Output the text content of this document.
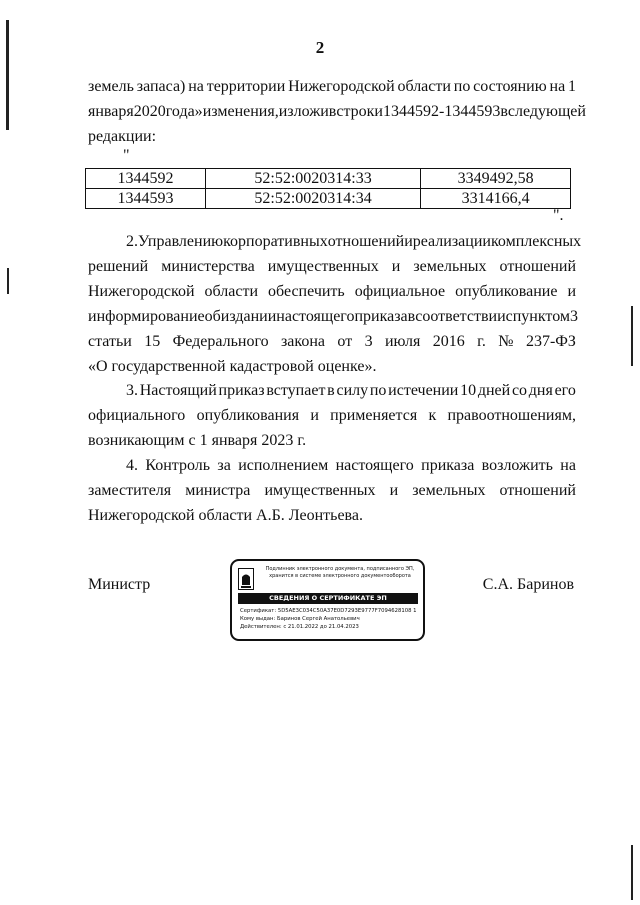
2
земель запаса) на территории Нижегородской области по состоянию на 1
января 2020 года» изменения, изложив строки 1344592-1344593 в следующей
редакции:
"
1344592	52:52:0020314:33	3349492,58
1344593	52:52:0020314:34	3314166,4
".
2. Управлению корпоративных отношений и реализации комплексных
решений министерства имущественных и земельных отношений
Нижегородской области обеспечить официальное опубликование и
информирование об издании настоящего приказа в соответствии с пунктом 3
статьи 15 Федерального закона от 3 июля 2016 г. № 237-ФЗ
«О государственной кадастровой оценке».
3. Настоящий приказ вступает в силу по истечении 10 дней со дня его
официального опубликования и применяется к правоотношениям,
возникающим с 1 января 2023 г.
4. Контроль за исполнением настоящего приказа возложить на
заместителя министра имущественных и земельных отношений
Нижегородской области А.Б. Леонтьева.
Министр	С.А. Баринов
Подлинник электронного документа, подписанного ЭП,
хранится в системе электронного документооборота
СВЕДЕНИЯ О СЕРТИФИКАТЕ ЭП
Сертификат: 5D5AE3C034C50A37E0D7293E9777F7094628108 1
Кому выдан: Баринов Сергей Анатольевич
Действителен: с 21.01.2022 до 21.04.2023
